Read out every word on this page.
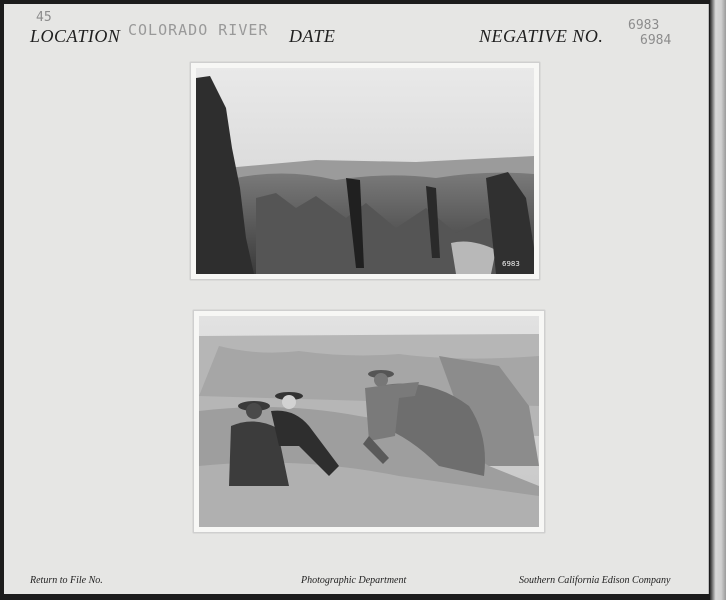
45
LOCATION COLORADO RIVER DATE	NEGATIVE NO.
6983
6984
6983
Return to File No.	Photographic Department	Southern California Edison Company
